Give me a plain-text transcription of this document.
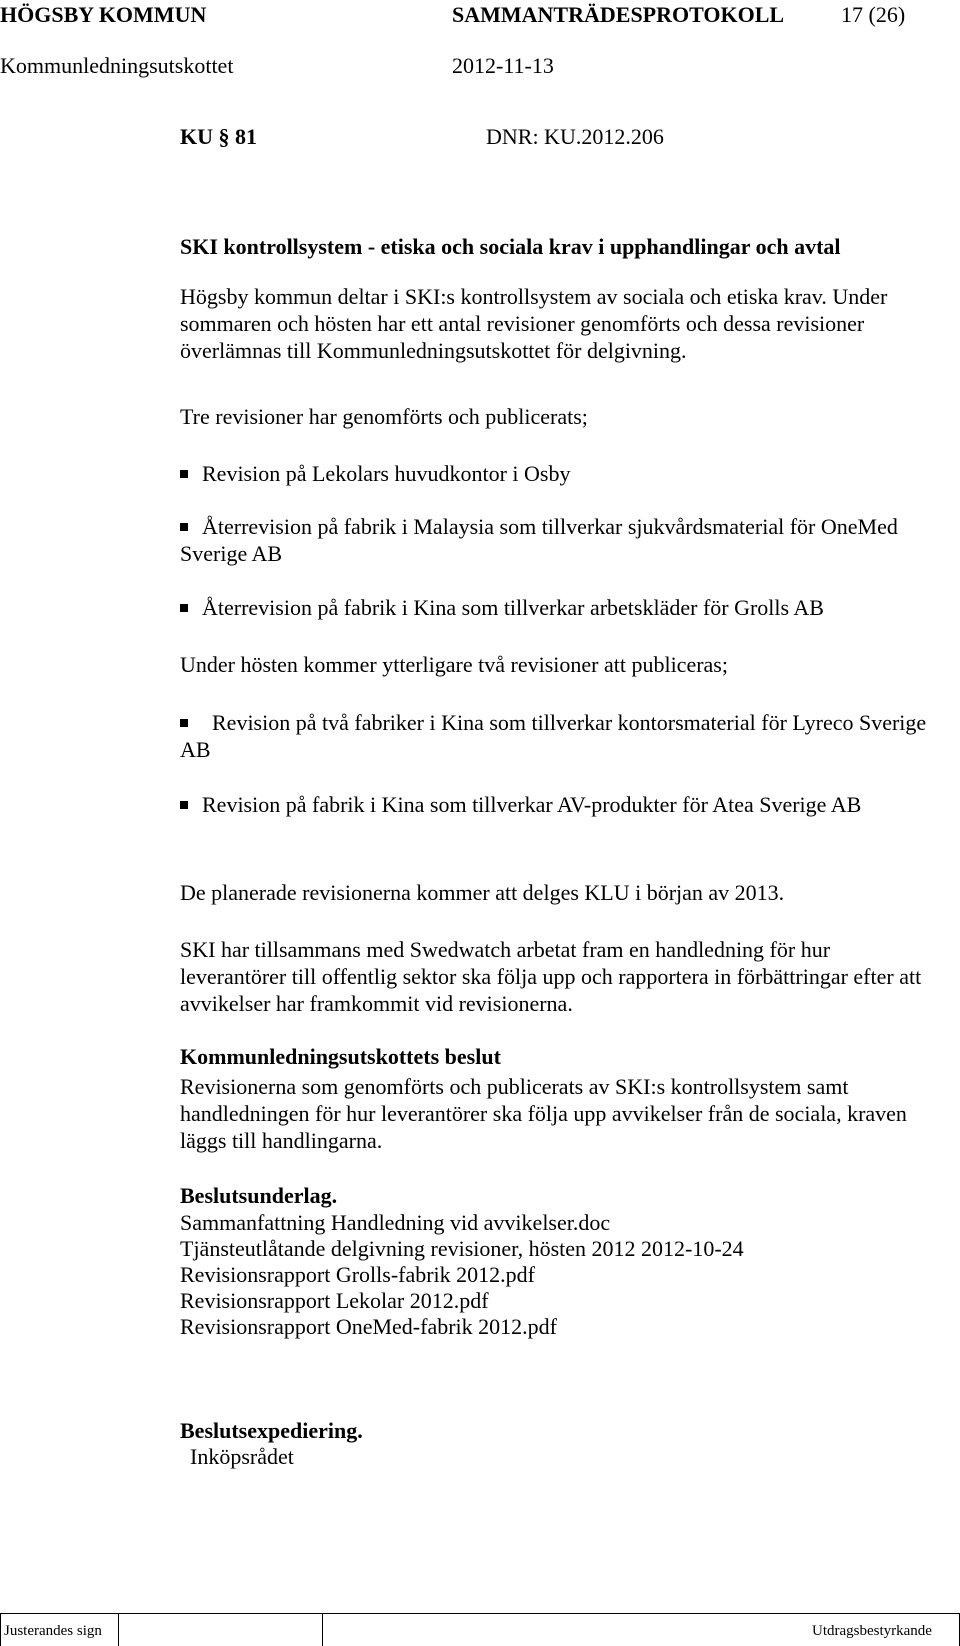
HÖGSBY KOMMUN	SAMMANTRÄDESPROTOKOLL	17 (26)
Kommunledningsutskottet	2012-11-13
KU § 81	DNR: KU.2012.206
SKI kontrollsystem - etiska och sociala krav i upphandlingar och avtal
Högsby kommun deltar i SKI:s kontrollsystem av sociala och etiska krav. Under sommaren och hösten har ett antal revisioner genomförts och dessa revisioner överlämnas till Kommunledningsutskottet för delgivning.
Tre revisioner har genomförts och publicerats;
Revision på Lekolars huvudkontor i Osby
Återrevision på fabrik i Malaysia som tillverkar sjukvårdsmaterial för OneMed Sverige AB
Återrevision på fabrik i Kina som tillverkar arbetskläder för Grolls AB
Under hösten kommer ytterligare två revisioner att publiceras;
Revision på två fabriker i Kina som tillverkar kontorsmaterial för Lyreco Sverige AB
Revision på fabrik i Kina som tillverkar AV-produkter för Atea Sverige AB
De planerade revisionerna kommer att delges KLU i början av 2013.
SKI har tillsammans med Swedwatch arbetat fram en handledning för hur leverantörer till offentlig sektor ska följa upp och rapportera in förbättringar efter att avvikelser har framkommit vid revisionerna.
Kommunledningsutskottets beslut
Revisionerna som genomförts och publicerats av SKI:s kontrollsystem samt handledningen för hur leverantörer ska följa upp avvikelser från de sociala, kraven läggs till handlingarna.
Beslutsunderlag.
Sammanfattning Handledning vid avvikelser.doc
Tjänsteutlåtande delgivning revisioner, hösten 2012 2012-10-24
Revisionsrapport Grolls-fabrik 2012.pdf
Revisionsrapport Lekolar 2012.pdf
Revisionsrapport OneMed-fabrik 2012.pdf
Beslutsexpediering.
Inköpsrådet
Justerandes sign	Utdragsbestyrkande
